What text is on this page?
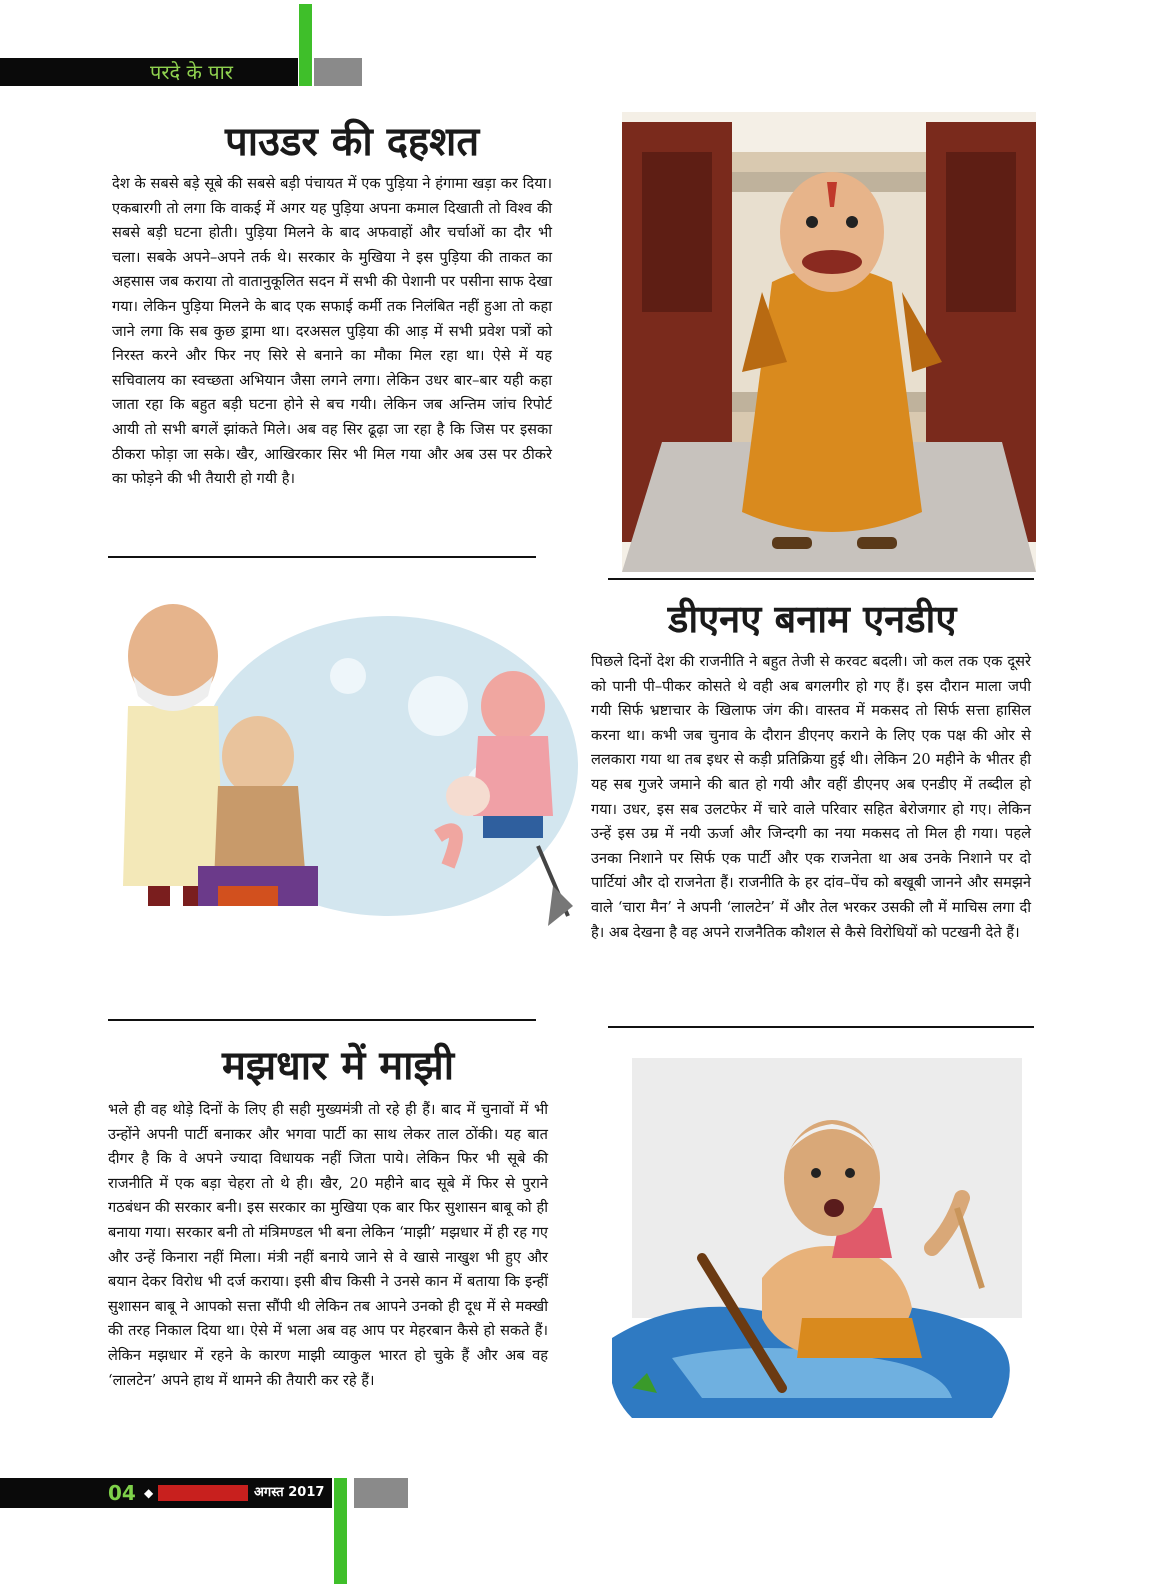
परदे के पार
पाउडर की दहशत
देश के सबसे बड़े सूबे की सबसे बड़ी पंचायत में एक पुड़िया ने हंगामा खड़ा कर दिया। एकबारगी तो लगा कि वाकई में अगर यह पुड़िया अपना कमाल दिखाती तो विश्व की सबसे बड़ी घटना होती। पुड़िया मिलने के बाद अफवाहों और चर्चाओं का दौर भी चला। सबके अपने–अपने तर्क थे। सरकार के मुखिया ने इस पुड़िया की ताकत का अहसास जब कराया तो वातानुकूलित सदन में सभी की पेशानी पर पसीना साफ देखा गया। लेकिन पुड़िया मिलने के बाद एक सफाई कर्मी तक निलंबित नहीं हुआ तो कहा जाने लगा कि सब कुछ ड्रामा था। दरअसल पुड़िया की आड़ में सभी प्रवेश पत्रों को निरस्त करने और फिर नए सिरे से बनाने का मौका मिल रहा था। ऐसे में यह सचिवालय का स्वच्छता अभियान जैसा लगने लगा। लेकिन उधर बार–बार यही कहा जाता रहा कि बहुत बड़ी घटना होने से बच गयी। लेकिन जब अन्तिम जांच रिपोर्ट आयी तो सभी बगलें झांकते मिले। अब वह सिर ढूढ़ा जा रहा है कि जिस पर इसका ठीकरा फोड़ा जा सके। खैर, आखिरकार सिर भी मिल गया और अब उस पर ठीकरे का फोड़ने की भी तैयारी हो गयी है।
डीएनए बनाम एनडीए
पिछले दिनों देश की राजनीति ने बहुत तेजी से करवट बदली। जो कल तक एक दूसरे को पानी पी–पीकर कोसते थे वही अब बगलगीर हो गए हैं। इस दौरान माला जपी गयी सिर्फ भ्रष्टाचार के खिलाफ जंग की। वास्तव में मकसद तो सिर्फ सत्ता हासिल करना था। कभी जब चुनाव के दौरान डीएनए कराने के लिए एक पक्ष की ओर से ललकारा गया था तब इधर से कड़ी प्रतिक्रिया हुई थी। लेकिन 20 महीने के भीतर ही यह सब गुजरे जमाने की बात हो गयी और वहीं डीएनए अब एनडीए में तब्दील हो गया। उधर, इस सब उलटफेर में चारे वाले परिवार सहित बेरोजगार हो गए। लेकिन उन्हें इस उम्र में नयी ऊर्जा और जिन्दगी का नया मकसद तो मिल ही गया। पहले उनका निशाने पर सिर्फ एक पार्टी और एक राजनेता था अब उनके निशाने पर दो पार्टियां और दो राजनेता हैं। राजनीति के हर दांव–पेंच को बखूबी जानने और समझने वाले ‘चारा मैन’ ने अपनी ‘लालटेन’ में और तेल भरकर उसकी लौ में माचिस लगा दी है। अब देखना है वह अपने राजनैतिक कौशल से कैसे विरोधियों को पटखनी देते हैं।
मझधार में माझी
भले ही वह थोड़े दिनों के लिए ही सही मुख्यमंत्री तो रहे ही हैं। बाद में चुनावों में भी उन्होंने अपनी पार्टी बनाकर और भगवा पार्टी का साथ लेकर ताल ठोंकी। यह बात दीगर है कि वे अपने ज्यादा विधायक नहीं जिता पाये। लेकिन फिर भी सूबे की राजनीति में एक बड़ा चेहरा तो थे ही। खैर, 20 महीने बाद सूबे में फिर से पुराने गठबंधन की सरकार बनी। इस सरकार का मुखिया एक बार फिर सुशासन बाबू को ही बनाया गया। सरकार बनी तो मंत्रिमण्डल भी बना लेकिन ‘माझी’ मझधार में ही रह गए और उन्हें किनारा नहीं मिला। मंत्री नहीं बनाये जाने से वे खासे नाखुश भी हुए और बयान देकर विरोध भी दर्ज कराया। इसी बीच किसी ने उनसे कान में बताया कि इन्हीं सुशासन बाबू ने आपको सत्ता सौंपी थी लेकिन तब आपने उनको ही दूध में से मक्खी की तरह निकाल दिया था। ऐसे में भला अब वह आप पर मेहरबान कैसे हो सकते हैं। लेकिन मझधार में रहने के कारण माझी व्याकुल भारत हो चुके हैं और अब वह ‘लालटेन’ अपने हाथ में थामने की तैयारी कर रहे हैं।
04 ◆	अगस्त 2017
